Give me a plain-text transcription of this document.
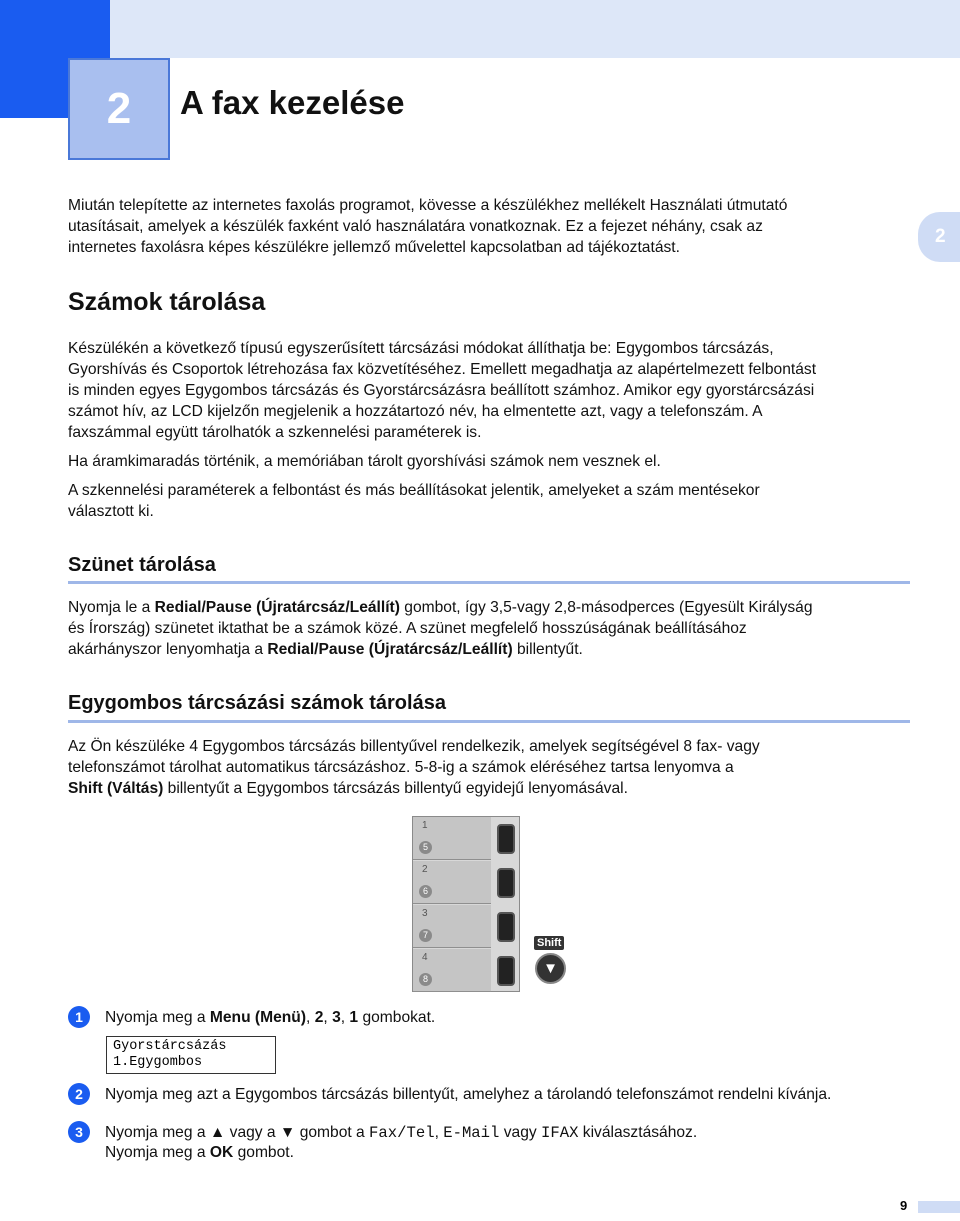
2	A fax kezelése
2
Miután telepítette az internetes faxolás programot, kövesse a készülékhez mellékelt Használati útmutató
utasításait, amelyek a készülék faxként való használatára vonatkoznak. Ez a fejezet néhány, csak az
internetes faxolásra képes készülékre jellemző művelettel kapcsolatban ad tájékoztatást.
Számok tárolása
Készülékén a következő típusú egyszerűsített tárcsázási módokat állíthatja be: Egygombos tárcsázás,
Gyorshívás és Csoportok létrehozása fax közvetítéséhez. Emellett megadhatja az alapértelmezett felbontást
is minden egyes Egygombos tárcsázás és Gyorstárcsázásra beállított számhoz. Amikor egy gyorstárcsázási
számot hív, az LCD kijelzőn megjelenik a hozzátartozó név, ha elmentette azt, vagy a telefonszám. A
faxszámmal együtt tárolhatók a szkennelési paraméterek is.
Ha áramkimaradás történik, a memóriában tárolt gyorshívási számok nem vesznek el.
A szkennelési paraméterek a felbontást és más beállításokat jelentik, amelyeket a szám mentésekor
választott ki.
Szünet tárolása
Nyomja le a Redial/Pause (Újratárcsáz/Leállít) gombot, így 3,5-vagy 2,8-másodperces (Egyesült Királyság
és Írország) szünetet iktathat be a számok közé. A szünet megfelelő hosszúságának beállításához
akárhányszor lenyomhatja a Redial/Pause (Újratárcsáz/Leállít) billentyűt.
Egygombos tárcsázási számok tárolása
Az Ön készüléke 4 Egygombos tárcsázás billentyűvel rendelkezik, amelyek segítségével 8 fax- vagy
telefonszámot tárolhat automatikus tárcsázáshoz. 5-8-ig a számok eléréséhez tartsa lenyomva a
Shift (Váltás) billentyűt a Egygombos tárcsázás billentyű egyidejű lenyomásával.
1
5
2
6
3
7
4
8
Shift
▼
1	Nyomja meg a Menu (Menü), 2, 3, 1 gombokat.
Gyorstárcsázás
1.Egygombos
2	Nyomja meg azt a Egygombos tárcsázás billentyűt, amelyhez a tárolandó telefonszámot rendelni kívánja.
3	Nyomja meg a ▲ vagy a ▼ gombot a Fax/Tel, E-Mail vagy IFAX kiválasztásához.
Nyomja meg a OK gombot.
9
